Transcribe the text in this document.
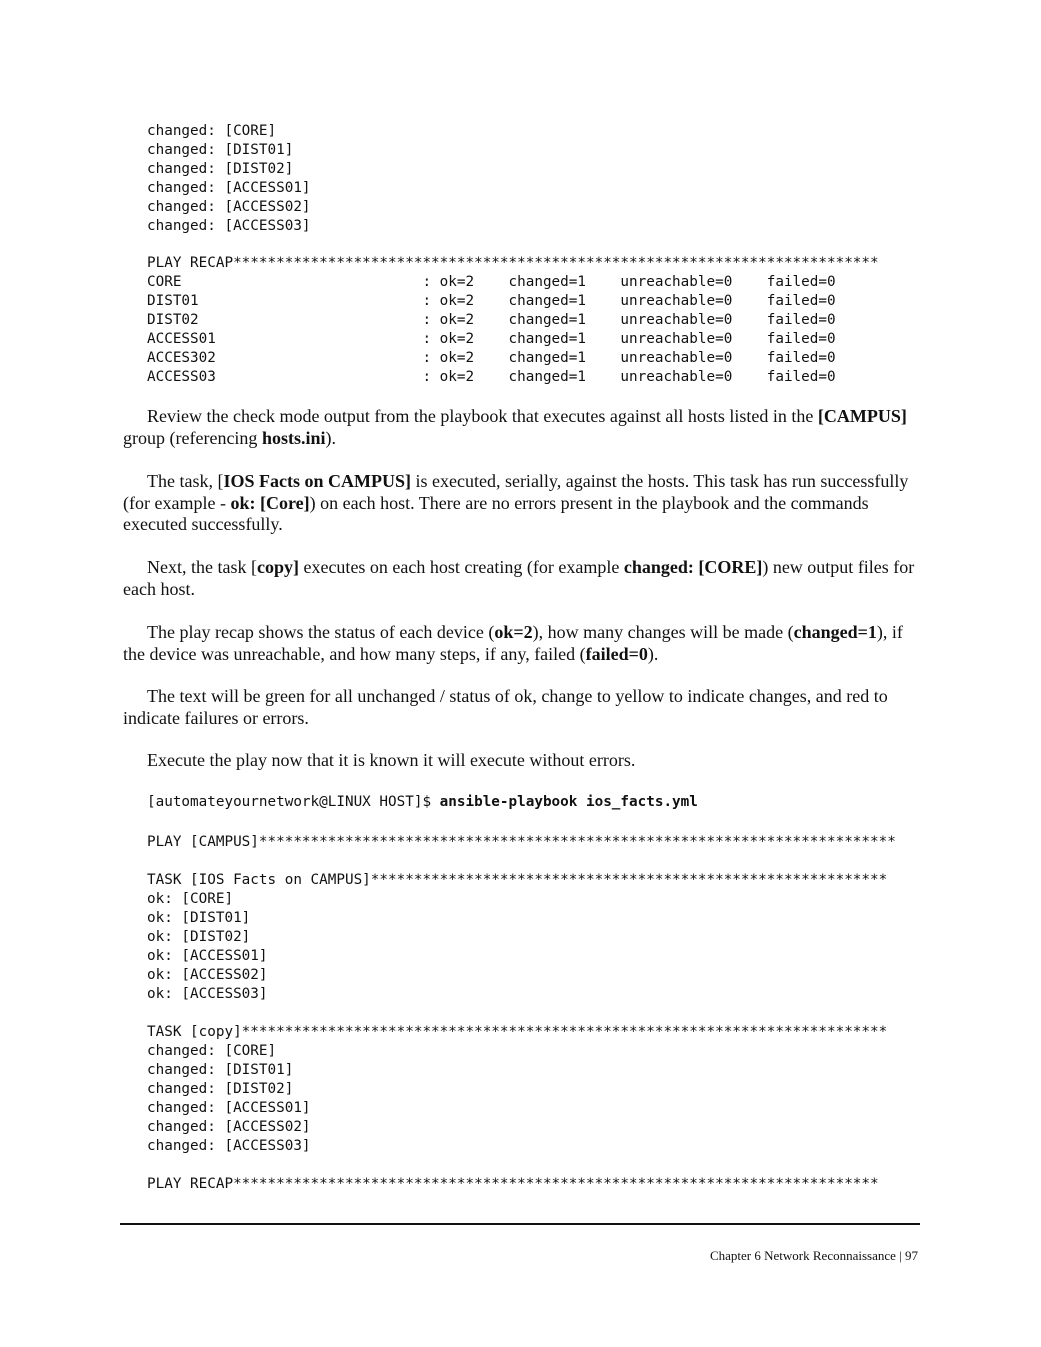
changed: [CORE]
changed: [DIST01]
changed: [DIST02]
changed: [ACCESS01]
changed: [ACCESS02]
changed: [ACCESS03]
PLAY RECAP***************************************************************************
CORE                            : ok=2    changed=1    unreachable=0    failed=0
DIST01                          : ok=2    changed=1    unreachable=0    failed=0
DIST02                          : ok=2    changed=1    unreachable=0    failed=0
ACCESS01                        : ok=2    changed=1    unreachable=0    failed=0
ACCES302                        : ok=2    changed=1    unreachable=0    failed=0
ACCESS03                        : ok=2    changed=1    unreachable=0    failed=0

Review the check mode output from the playbook that executes against all hosts listed in the [CAMPUS] group (referencing hosts.ini).

The task, [IOS Facts on CAMPUS] is executed, serially, against the hosts. This task has run successfully (for example - ok: [Core]) on each host. There are no errors present in the playbook and the commands executed successfully.

Next, the task [copy] executes on each host creating (for example changed: [CORE]) new output files for each host.

The play recap shows the status of each device (ok=2), how many changes will be made (changed=1), if the device was unreachable, and how many steps, if any, failed (failed=0).

The text will be green for all unchanged / status of ok, change to yellow to indicate changes, and red to indicate failures or errors.

Execute the play now that it is known it will execute without errors.

[automateyournetwork@LINUX HOST]$ ansible-playbook ios_facts.yml
PLAY [CAMPUS]**************************************************************************
TASK [IOS Facts on CAMPUS]************************************************************
ok: [CORE]
ok: [DIST01]
ok: [DIST02]
ok: [ACCESS01]
ok: [ACCESS02]
ok: [ACCESS03]
TASK [copy]***************************************************************************
changed: [CORE]
changed: [DIST01]
changed: [DIST02]
changed: [ACCESS01]
changed: [ACCESS02]
changed: [ACCESS03]
PLAY RECAP***************************************************************************
Chapter 6 Network Reconnaissance | 97
